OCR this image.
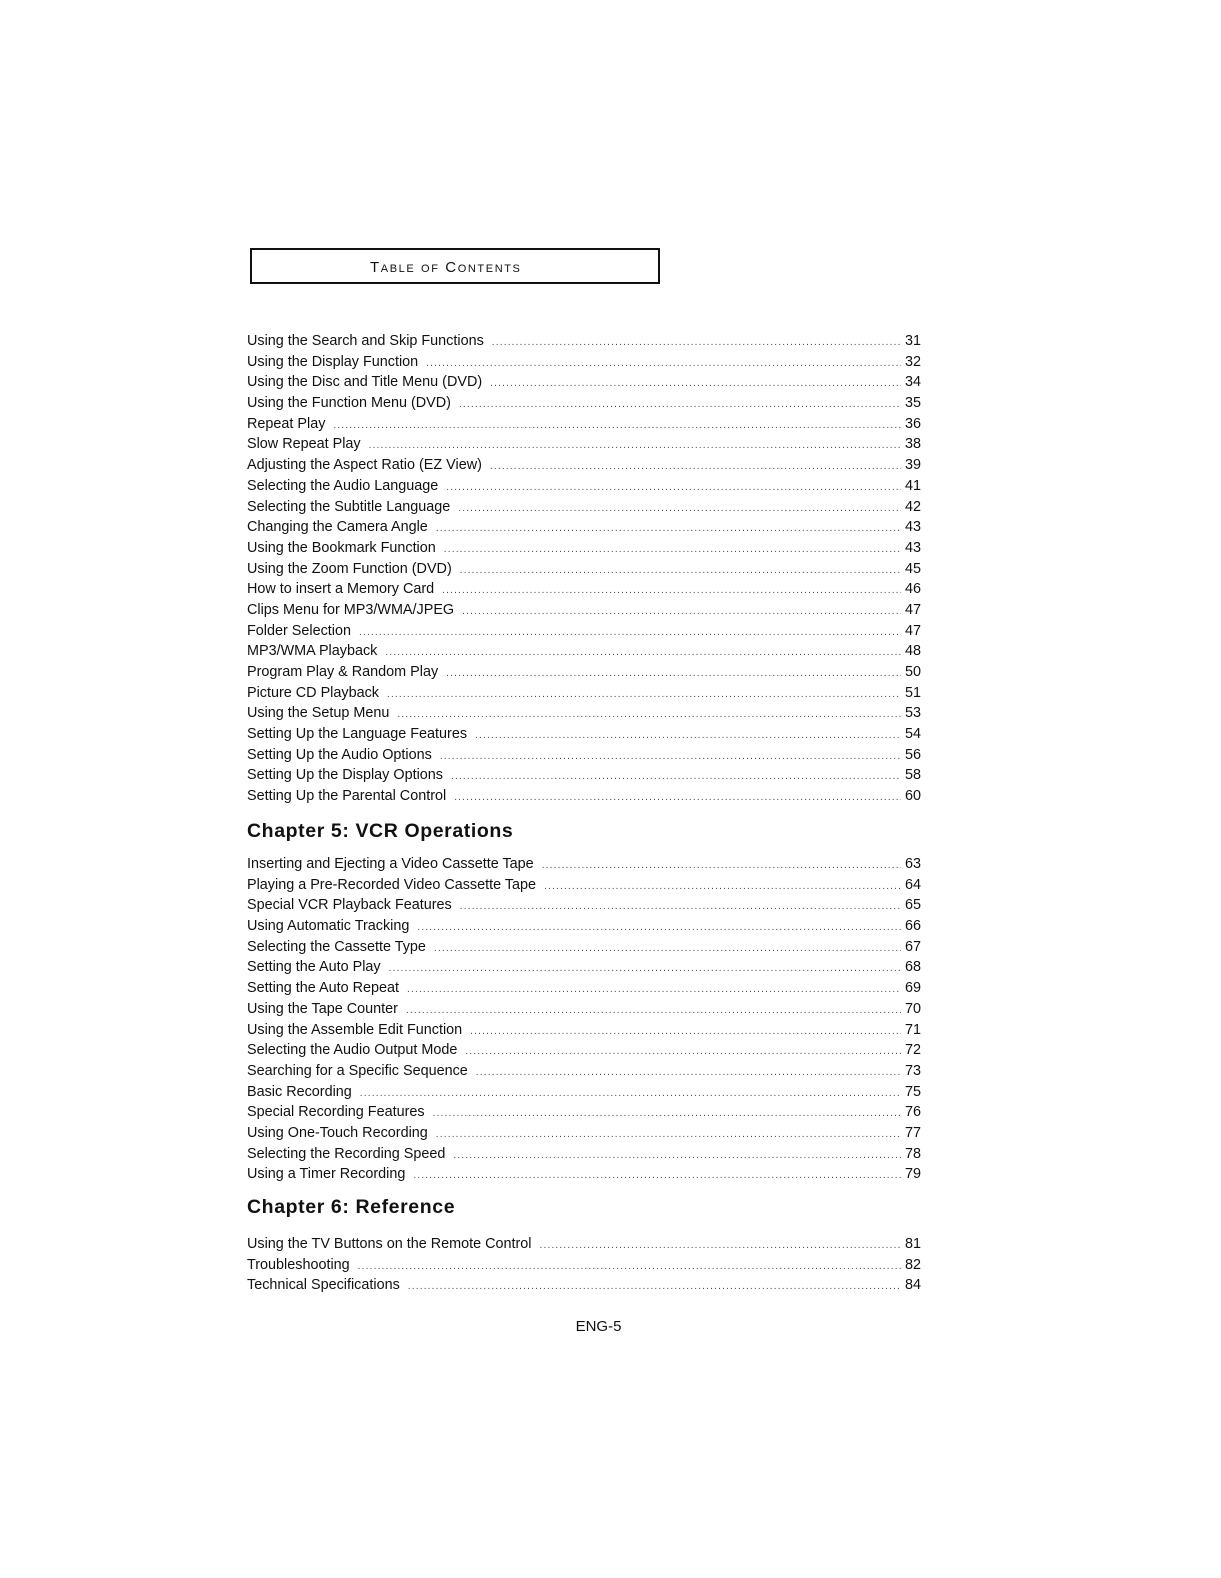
Table of Contents
Using the Search and Skip Functions .....	31
Using the Display Function .....	32
Using the Disc and Title Menu (DVD) .....	34
Using the Function Menu (DVD) .....	35
Repeat Play .....	36
Slow Repeat Play .....	38
Adjusting the Aspect Ratio (EZ View) .....	39
Selecting the Audio Language .....	41
Selecting the Subtitle Language .....	42
Changing the Camera Angle .....	43
Using the Bookmark Function .....	43
Using the Zoom Function (DVD) .....	45
How to insert a Memory Card .....	46
Clips Menu for MP3/WMA/JPEG .....	47
Folder Selection .....	47
MP3/WMA Playback .....	48
Program Play & Random Play .....	50
Picture CD Playback .....	51
Using the Setup Menu .....	53
Setting Up the Language Features .....	54
Setting Up the Audio Options .....	56
Setting Up the Display Options .....	58
Setting Up the Parental Control .....	60
Chapter 5: VCR Operations
Inserting and Ejecting a Video Cassette Tape .....	63
Playing a Pre-Recorded Video Cassette Tape .....	64
Special VCR Playback Features .....	65
Using Automatic Tracking .....	66
Selecting the Cassette Type .....	67
Setting the Auto Play .....	68
Setting the Auto Repeat .....	69
Using the Tape Counter .....	70
Using the Assemble Edit Function .....	71
Selecting the Audio Output Mode .....	72
Searching for a Specific Sequence .....	73
Basic Recording .....	75
Special Recording Features .....	76
Using One-Touch Recording .....	77
Selecting the Recording Speed .....	78
Using a Timer Recording .....	79
Chapter 6: Reference
Using the TV Buttons on the Remote Control .....	81
Troubleshooting .....	82
Technical Specifications .....	84
ENG-5
